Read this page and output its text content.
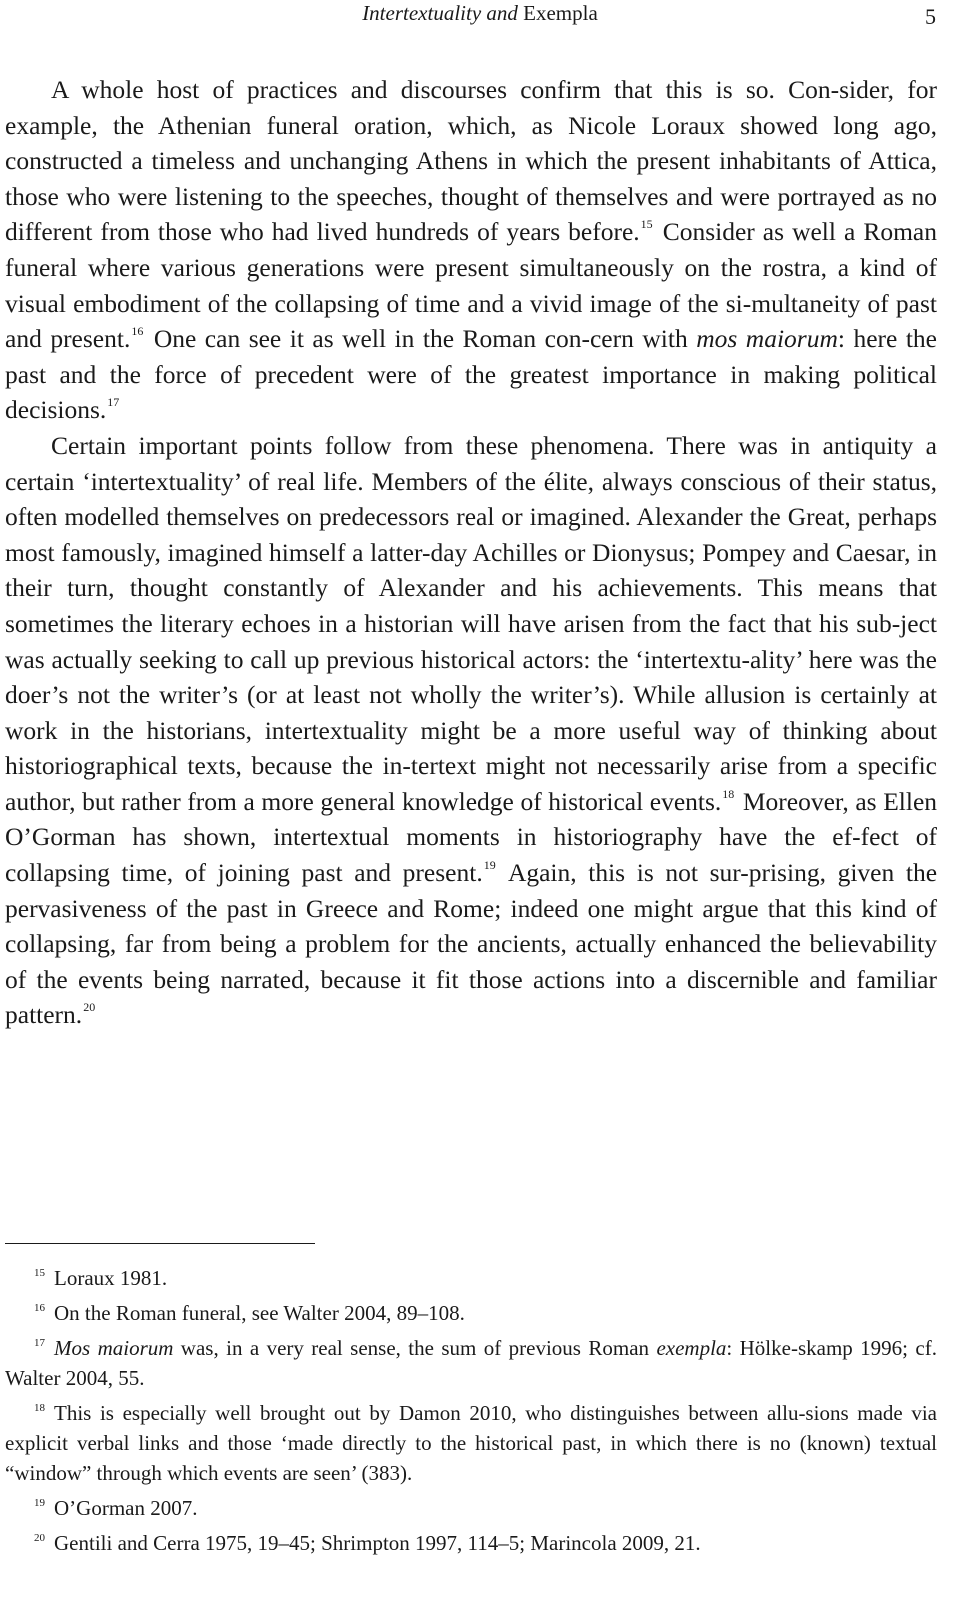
Intertextuality and Exempla	5

A whole host of practices and discourses confirm that this is so. Con-sider, for example, the Athenian funeral oration, which, as Nicole Loraux showed long ago, constructed a timeless and unchanging Athens in which the present inhabitants of Attica, those who were listening to the speeches, thought of themselves and were portrayed as no different from those who had lived hundreds of years before.$^{15}$ Consider as well a Roman funeral where various generations were present simultaneously on the rostra, a kind of visual embodiment of the collapsing of time and a vivid image of the si-multaneity of past and present.$^{16}$ One can see it as well in the Roman con-cern with mos maiorum: here the past and the force of precedent were of the greatest importance in making political decisions.$^{17}$

Certain important points follow from these phenomena. There was in antiquity a certain ‘intertextuality’ of real life. Members of the élite, always conscious of their status, often modelled themselves on predecessors real or imagined. Alexander the Great, perhaps most famously, imagined himself a latter-day Achilles or Dionysus; Pompey and Caesar, in their turn, thought constantly of Alexander and his achievements. This means that sometimes the literary echoes in a historian will have arisen from the fact that his sub-ject was actually seeking to call up previous historical actors: the ‘intertextu-ality’ here was the doer’s not the writer’s (or at least not wholly the writer’s). While allusion is certainly at work in the historians, intertextuality might be a more useful way of thinking about historiographical texts, because the in-tertext might not necessarily arise from a specific author, but rather from a more general knowledge of historical events.$^{18}$ Moreover, as Ellen O’Gorman has shown, intertextual moments in historiography have the ef-fect of collapsing time, of joining past and present.$^{19}$ Again, this is not sur-prising, given the pervasiveness of the past in Greece and Rome; indeed one might argue that this kind of collapsing, far from being a problem for the ancients, actually enhanced the believability of the events being narrated, because it fit those actions into a discernible and familiar pattern.$^{20}$

$^{15}$ Loraux 1981.

$^{16}$ On the Roman funeral, see Walter 2004, 89–108.

$^{17}$ Mos maiorum was, in a very real sense, the sum of previous Roman exempla: Hölke-skamp 1996; cf. Walter 2004, 55.

$^{18}$ This is especially well brought out by Damon 2010, who distinguishes between allu-sions made via explicit verbal links and those ‘made directly to the historical past, in which there is no (known) textual “window” through which events are seen’ (383).

$^{19}$ O’Gorman 2007.

$^{20}$ Gentili and Cerra 1975, 19–45; Shrimpton 1997, 114–5; Marincola 2009, 21.
